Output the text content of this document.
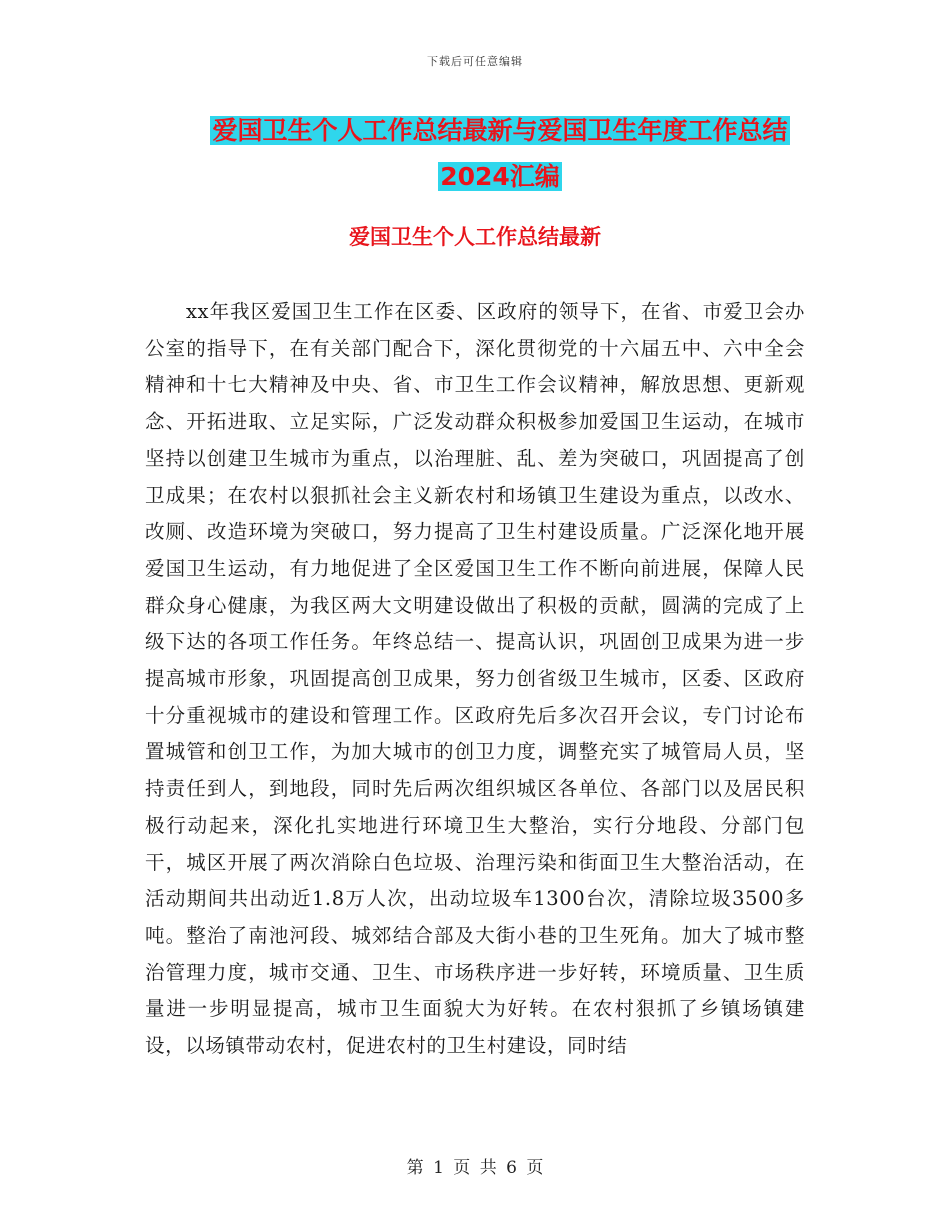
下载后可任意编辑
爱国卫生个人工作总结最新与爱国卫生年度工作总结
2024汇编
爱国卫生个人工作总结最新

xx年我区爱国卫生工作在区委、区政府的领导下，在省、市爱卫会办公室的指导下，在有关部门配合下，深化贯彻党的十六届五中、六中全会精神和十七大精神及中央、省、市卫生工作会议精神，解放思想、更新观念、开拓进取、立足实际，广泛发动群众积极参加爱国卫生运动，在城市坚持以创建卫生城市为重点，以治理脏、乱、差为突破口，巩固提高了创卫成果；在农村以狠抓社会主义新农村和场镇卫生建设为重点，以改水、改厕、改造环境为突破口，努力提高了卫生村建设质量。广泛深化地开展爱国卫生运动，有力地促进了全区爱国卫生工作不断向前进展，保障人民群众身心健康，为我区两大文明建设做出了积极的贡献，圆满的完成了上级下达的各项工作任务。年终总结一、提高认识，巩固创卫成果为进一步提高城市形象，巩固提高创卫成果，努力创省级卫生城市，区委、区政府十分重视城市的建设和管理工作。区政府先后多次召开会议，专门讨论布置城管和创卫工作，为加大城市的创卫力度，调整充实了城管局人员，坚持责任到人，到地段，同时先后两次组织城区各单位、各部门以及居民积极行动起来，深化扎实地进行环境卫生大整治，实行分地段、分部门包干，城区开展了两次消除白色垃圾、治理污染和街面卫生大整治活动，在活动期间共出动近1.8万人次，出动垃圾车1300台次，清除垃圾3500多吨。整治了南池河段、城郊结合部及大街小巷的卫生死角。加大了城市整治管理力度，城市交通、卫生、市场秩序进一步好转，环境质量、卫生质量进一步明显提高，城市卫生面貌大为好转。在农村狠抓了乡镇场镇建设，以场镇带动农村，促进农村的卫生村建设，同时结

第 1 页 共 6 页
